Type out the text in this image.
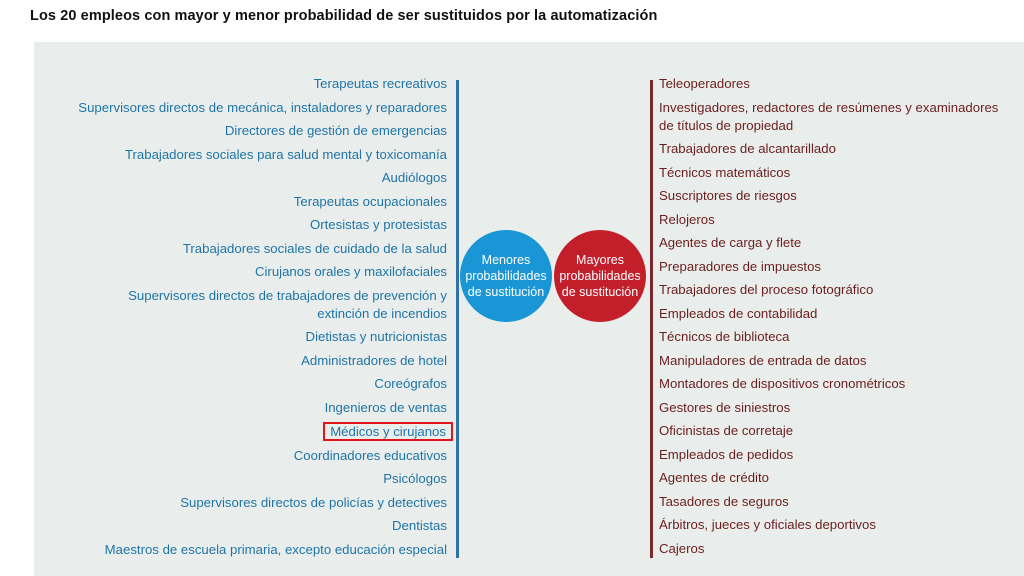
Los 20 empleos con mayor y menor probabilidad de ser sustituidos por la automatización
Terapeutas recreativos
Supervisores directos de mecánica, instaladores y reparadores
Directores de gestión de emergencias
Trabajadores sociales para salud mental y toxicomanía
Audiólogos
Terapeutas ocupacionales
Ortesistas y protesistas
Trabajadores sociales de cuidado de la salud
Cirujanos orales y maxilofaciales
Supervisores directos de trabajadores de prevención y extinción de incendios
Dietistas y nutricionistas
Administradores de hotel
Coreógrafos
Ingenieros de ventas
Médicos y cirujanos
Coordinadores educativos
Psicólogos
Supervisores directos de policías y detectives
Dentistas
Maestros de escuela primaria, excepto educación especial
Menores probabilidades de sustitución
Mayores probabilidades de sustitución
Teleoperadores
Investigadores, redactores de resúmenes y examinadores de títulos de propiedad
Trabajadores de alcantarillado
Técnicos matemáticos
Suscriptores de riesgos
Relojeros
Agentes de carga y flete
Preparadores de impuestos
Trabajadores del proceso fotográfico
Empleados de contabilidad
Técnicos de biblioteca
Manipuladores de entrada de datos
Montadores de dispositivos cronométricos
Gestores de siniestros
Oficinistas de corretaje
Empleados de pedidos
Agentes de crédito
Tasadores de seguros
Árbitros, jueces y oficiales deportivos
Cajeros
